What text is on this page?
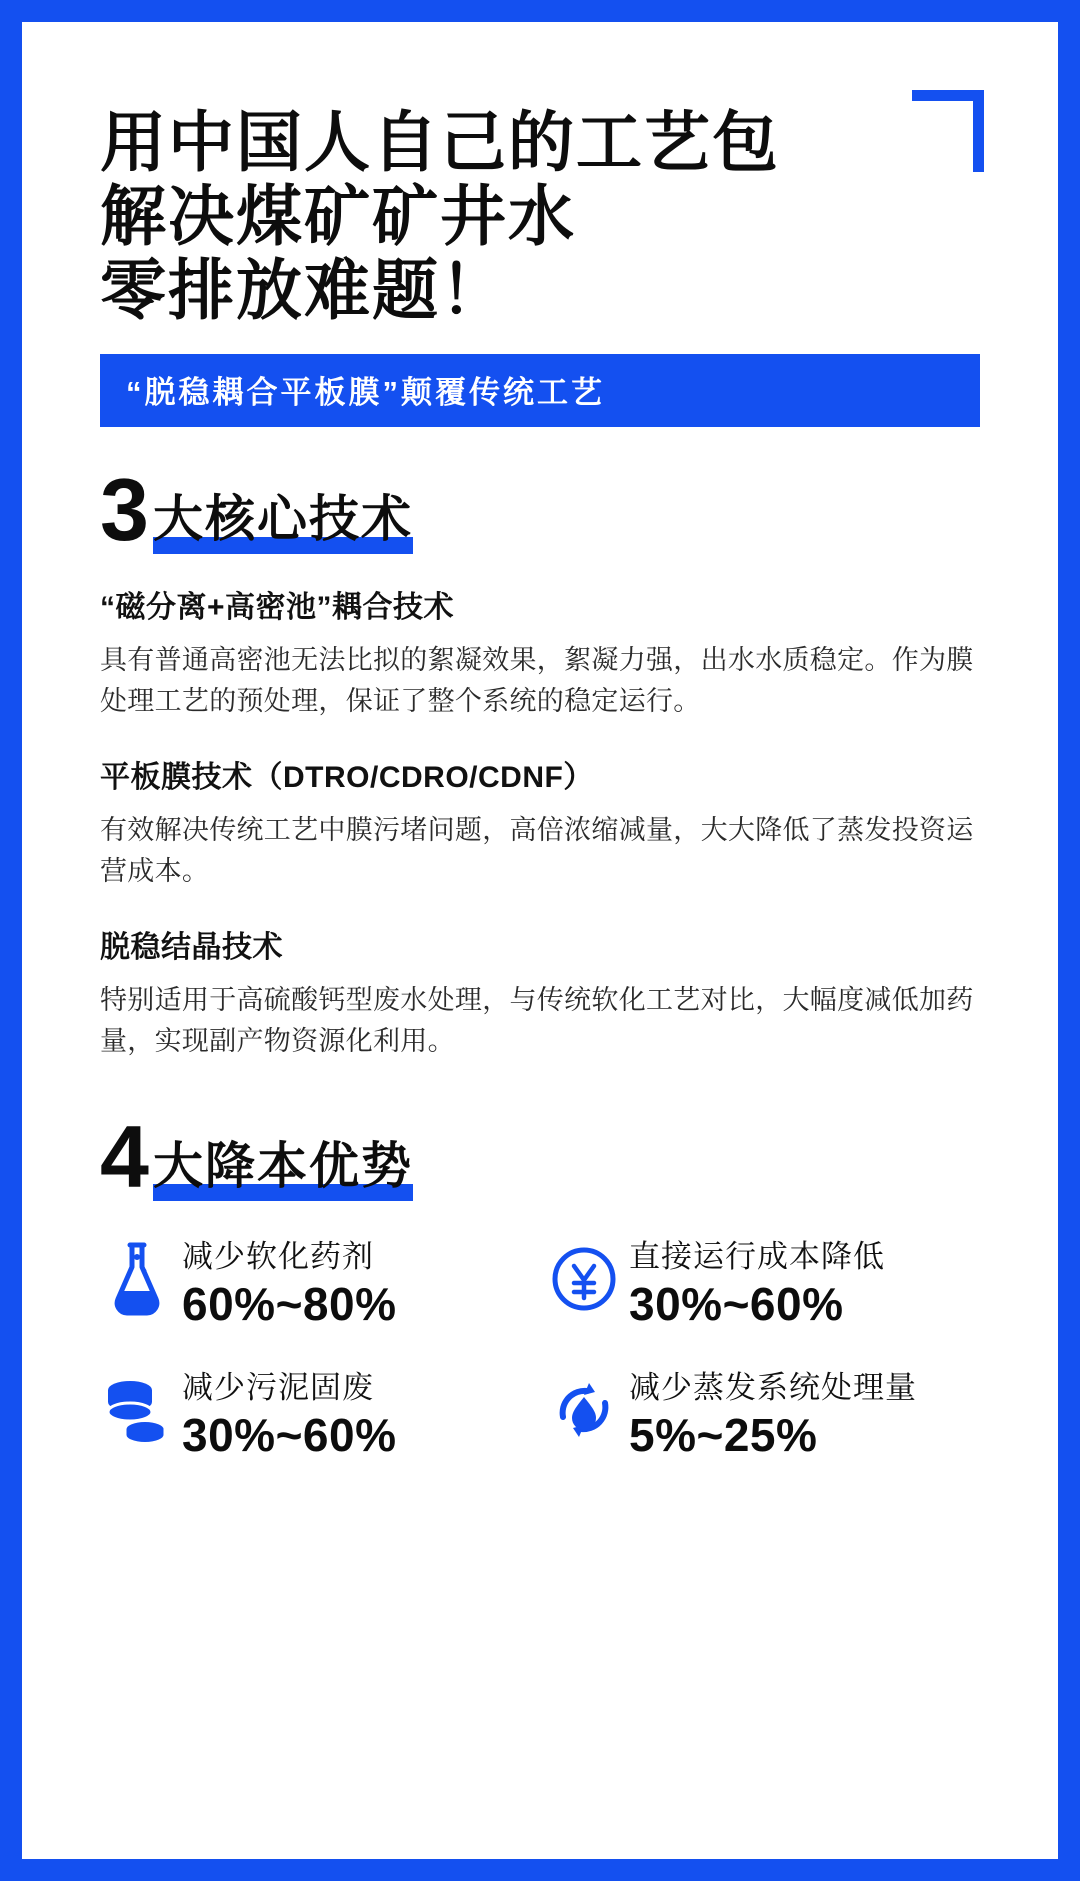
用中国人自己的工艺包
解决煤矿矿井水
零排放难题！
“脱稳耦合平板膜”颠覆传统工艺
3 大核心技术
“磁分离+高密池”耦合技术
具有普通高密池无法比拟的絮凝效果，絮凝力强，出水水质稳定。作为膜处理工艺的预处理，保证了整个系统的稳定运行。
平板膜技术（DTRO/CDRO/CDNF）
有效解决传统工艺中膜污堵问题，高倍浓缩减量，大大降低了蒸发投资运营成本。
脱稳结晶技术
特别适用于高硫酸钙型废水处理，与传统软化工艺对比，大幅度减低加药量，实现副产物资源化利用。
4 大降本优势
减少软化药剂
60%~80%
直接运行成本降低
30%~60%
减少污泥固废
30%~60%
减少蒸发系统处理量
5%~25%
